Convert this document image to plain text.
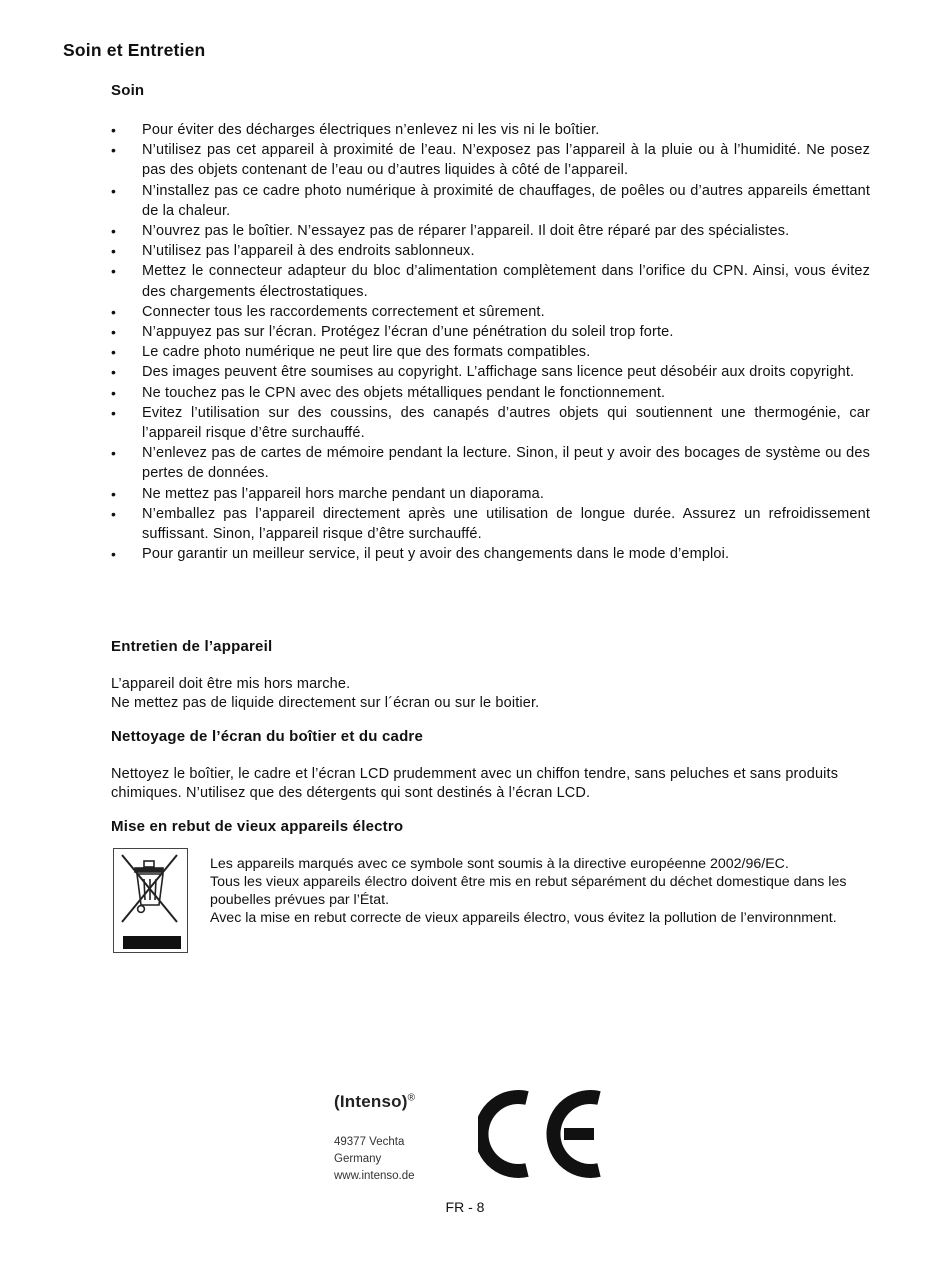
Soin et Entretien
Soin
• Pour éviter des décharges électriques n’enlevez ni les vis ni le boîtier.
• N’utilisez pas cet appareil à proximité de l’eau. N’exposez pas l’appareil à la pluie ou à l’humidité. Ne posez pas des objets contenant de l’eau ou d’autres liquides à côté de l’appareil.
• N’installez pas ce cadre photo numérique à proximité de chauffages, de poêles ou d’autres appareils émettant de la chaleur.
• N’ouvrez pas le boîtier. N’essayez pas de réparer l’appareil. Il doit être réparé par des spécialistes.
• N’utilisez pas l’appareil à des endroits sablonneux.
• Mettez le connecteur adapteur du bloc d’alimentation complètement dans l’orifice du CPN. Ainsi, vous évitez des chargements électrostatiques.
• Connecter tous les raccordements correctement et sûrement.
• N’appuyez pas sur l’écran. Protégez l’écran d’une pénétration du soleil trop forte.
• Le cadre photo numérique ne peut lire que des formats compatibles.
• Des images peuvent être soumises au copyright. L’affichage sans licence peut désobéir aux droits copyright.
• Ne touchez pas le CPN avec des objets métalliques pendant le fonctionnement.
• Evitez l’utilisation sur des coussins, des canapés d’autres objets qui soutiennent une thermogénie, car l’appareil risque d’être surchauffé.
• N’enlevez pas de cartes de mémoire pendant la lecture. Sinon, il peut y avoir des bocages de système ou des pertes de données.
• Ne mettez pas l’appareil hors marche pendant un diaporama.
• N’emballez pas l’appareil directement après une utilisation de longue durée. Assurez un refroidissement suffissant. Sinon, l’appareil risque d’être surchauffé.
• Pour garantir un meilleur service, il peut y avoir des changements dans le mode d’emploi.
Entretien de l’appareil

L’appareil doit être mis hors marche.
Ne mettez pas de liquide directement sur l´écran ou sur le boitier.

Nettoyage de l’écran du boîtier et du cadre

Nettoyez le boîtier, le cadre et l’écran LCD prudemment avec un chiffon tendre, sans peluches et sans produits chimiques. N’utilisez que des détergents qui sont destinés à l’écran LCD.

Mise en rebut de vieux appareils électro

Les appareils marqués avec ce symbole sont soumis à la directive européenne 2002/96/EC.

Tous les vieux appareils électro doivent être mis en rebut séparément du déchet domestique dans les poubelles prévues par l’État.

Avec la mise en rebut correcte de vieux appareils électro, vous évitez la pollution de l’environnment.

(Intenso)®
49377 Vechta
Germany
www.intenso.de
FR - 8
